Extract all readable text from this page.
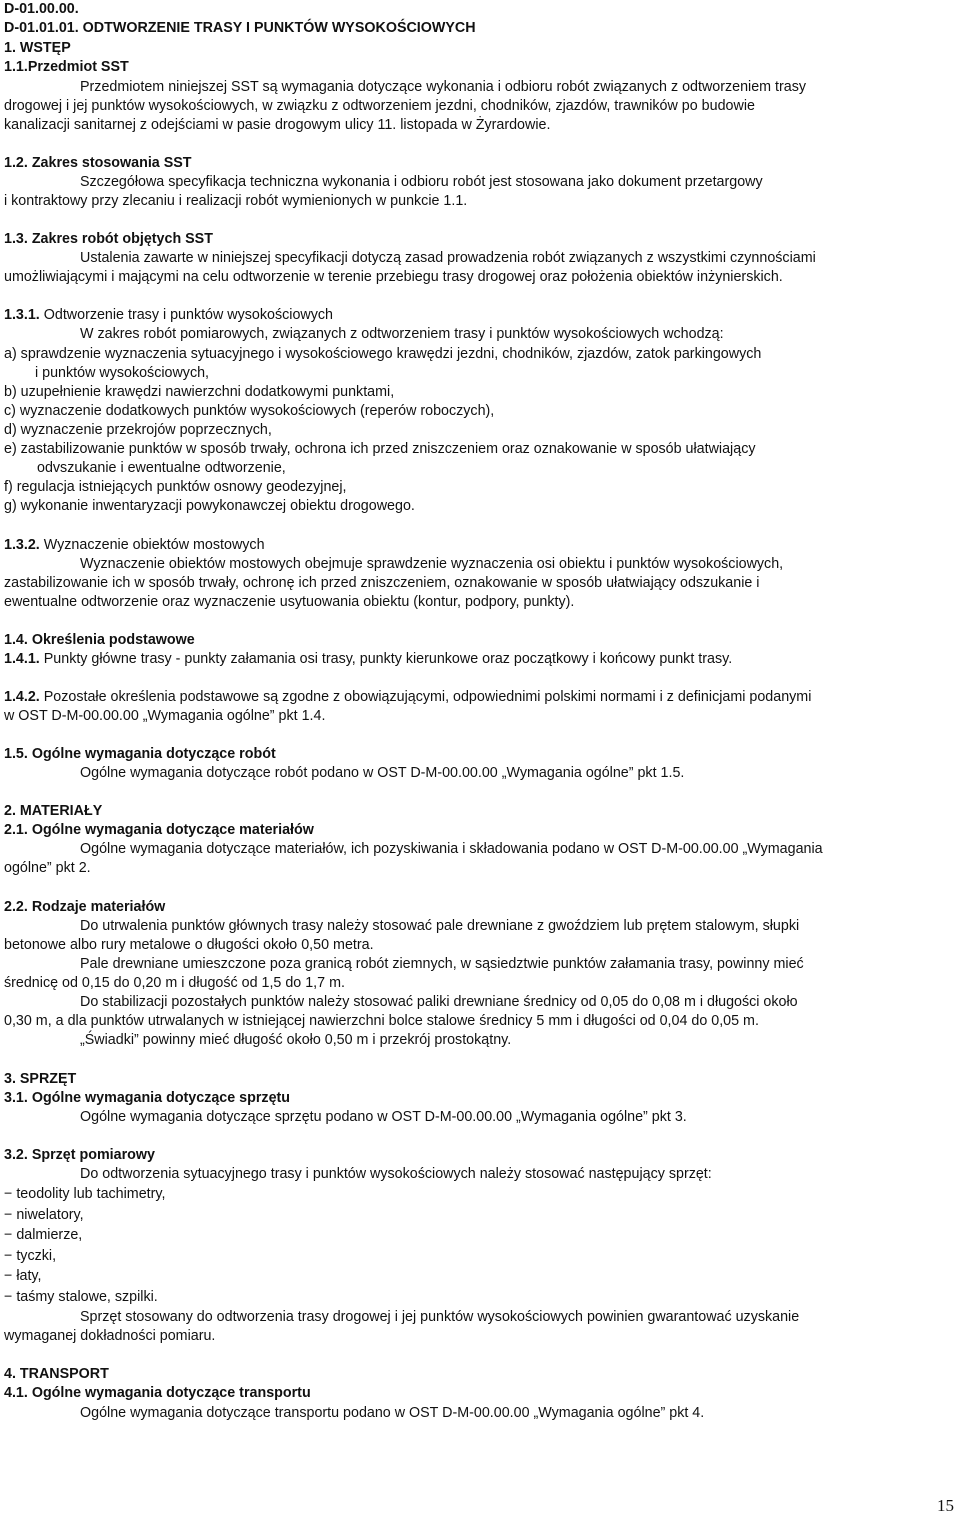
D-01.00.00.
D-01.01.01. ODTWORZENIE TRASY I PUNKTÓW WYSOKOŚCIOWYCH
1. WSTĘP
1.1.Przedmiot SST
Przedmiotem niniejszej SST są wymagania dotyczące wykonania i odbioru robót związanych z odtworzeniem trasy
drogowej i jej punktów wysokościowych, w związku z odtworzeniem jezdni, chodników, zjazdów, trawników po budowie
kanalizacji sanitarnej z odejściami w pasie drogowym ulicy 11. listopada w Żyrardowie.
1.2. Zakres stosowania SST
Szczegółowa specyfikacja techniczna wykonania i odbioru robót jest stosowana jako dokument przetargowy
i kontraktowy przy zlecaniu i realizacji robót wymienionych w punkcie 1.1.
1.3. Zakres robót objętych SST
Ustalenia zawarte w niniejszej specyfikacji dotyczą zasad prowadzenia robót związanych z wszystkimi czynnościami
umożliwiającymi i mającymi na celu odtworzenie w terenie przebiegu trasy drogowej oraz położenia obiektów inżynierskich.
1.3.1. Odtworzenie trasy i punktów wysokościowych
W zakres robót pomiarowych, związanych z odtworzeniem trasy i punktów wysokościowych wchodzą:
a) sprawdzenie wyznaczenia sytuacyjnego i wysokościowego krawędzi jezdni, chodników, zjazdów, zatok parkingowych
i punktów wysokościowych,
b) uzupełnienie krawędzi nawierzchni dodatkowymi punktami,
c) wyznaczenie dodatkowych punktów wysokościowych (reperów roboczych),
d) wyznaczenie przekrojów poprzecznych,
e) zastabilizowanie punktów w sposób trwały, ochrona ich przed zniszczeniem oraz oznakowanie w sposób ułatwiający
odvszukanie i ewentualne odtworzenie,
f) regulacja istniejących punktów osnowy geodezyjnej,
g) wykonanie inwentaryzacji powykonawczej obiektu drogowego.
1.3.2. Wyznaczenie obiektów mostowych
Wyznaczenie obiektów mostowych obejmuje sprawdzenie wyznaczenia osi obiektu i punktów wysokościowych,
zastabilizowanie ich w sposób trwały, ochronę ich przed zniszczeniem, oznakowanie w sposób ułatwiający odszukanie i
ewentualne odtworzenie oraz wyznaczenie usytuowania obiektu (kontur, podpory, punkty).
1.4. Określenia podstawowe
1.4.1. Punkty główne trasy - punkty załamania osi trasy, punkty kierunkowe oraz początkowy i końcowy punkt trasy.
1.4.2. Pozostałe określenia podstawowe są zgodne z obowiązującymi, odpowiednimi polskimi normami i z definicjami podanymi
w OST D-M-00.00.00 „Wymagania ogólne” pkt 1.4.
1.5. Ogólne wymagania dotyczące robót
Ogólne wymagania dotyczące robót podano w OST D-M-00.00.00 „Wymagania ogólne” pkt 1.5.
2. MATERIAŁY
2.1. Ogólne wymagania dotyczące materiałów
Ogólne wymagania dotyczące materiałów, ich pozyskiwania i składowania podano w OST D-M-00.00.00 „Wymagania
ogólne” pkt 2.
2.2. Rodzaje materiałów
Do utrwalenia punktów głównych trasy należy stosować pale drewniane z gwoździem lub prętem stalowym, słupki
betonowe albo rury metalowe o długości około 0,50 metra.
Pale drewniane umieszczone poza granicą robót ziemnych, w sąsiedztwie punktów załamania trasy, powinny mieć
średnicę od 0,15 do 0,20 m i długość od 1,5 do 1,7 m.
Do stabilizacji pozostałych punktów należy stosować paliki drewniane średnicy od 0,05 do 0,08 m i długości około
0,30 m, a dla punktów utrwalanych w istniejącej nawierzchni bolce stalowe średnicy 5 mm i długości od 0,04 do 0,05 m.
„Świadki” powinny mieć długość około 0,50 m i przekrój prostokątny.
3. SPRZĘT
3.1. Ogólne wymagania dotyczące sprzętu
Ogólne wymagania dotyczące sprzętu podano w OST D-M-00.00.00 „Wymagania ogólne” pkt 3.
3.2. Sprzęt pomiarowy
Do odtworzenia sytuacyjnego trasy i punktów wysokościowych należy stosować następujący sprzęt:
− teodolity lub tachimetry,
− niwelatory,
− dalmierze,
− tyczki,
− łaty,
− taśmy stalowe, szpilki.
Sprzęt stosowany do odtworzenia trasy drogowej i jej punktów wysokościowych powinien gwarantować uzyskanie
wymaganej dokładności pomiaru.
4. TRANSPORT
4.1. Ogólne wymagania dotyczące transportu
Ogólne wymagania dotyczące transportu podano w OST D-M-00.00.00 „Wymagania ogólne” pkt 4.
15
